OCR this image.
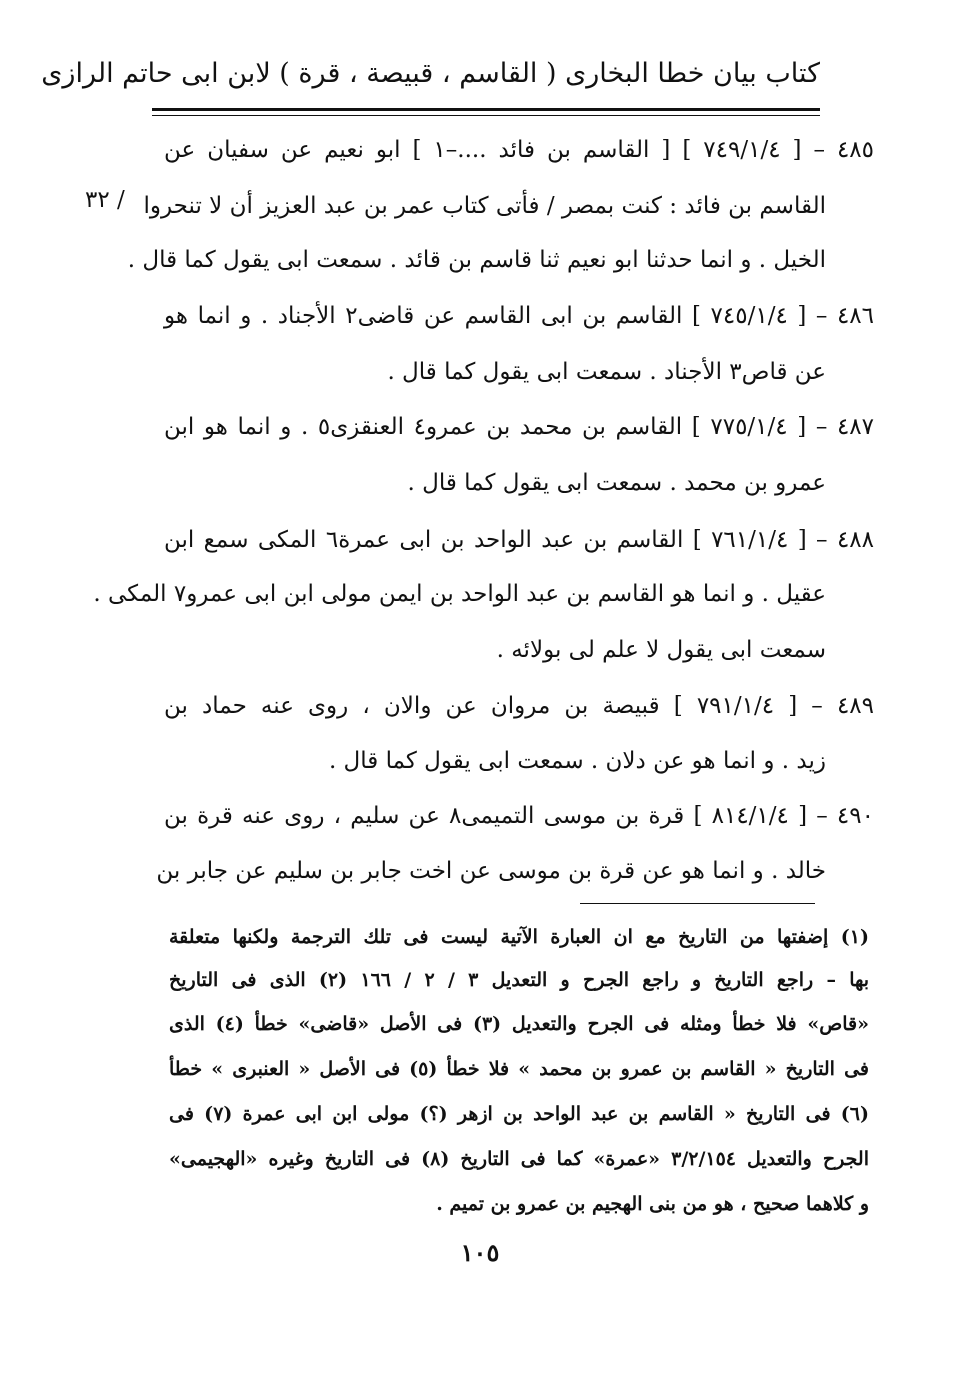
كتاب بيان خطا البخارى ( القاسم ، قبيصة ، قرة ) لابن ابى حاتم الرازى
/ ٣٢
٤٨٥ – [ ٧٤٩/١/٤ ] [ القاسم بن فائد ....–١ ] ابو نعيم عن سفيان عن
القاسم بن فائد : كنت بمصر / فأتى كتاب عمر بن عبد العزيز أن لا تنحروا
الخيل . و انما حدثنا ابو نعيم ثنا قاسم بن قائد . سمعت ابى يقول كما قال .
٤٨٦ – [ ٧٤٥/١/٤ ] القاسم بن ابى القاسم عن قاضى٢ الأجناد . و انما هو
عن قاص٣ الأجناد . سمعت ابى يقول كما قال .
٤٨٧ – [ ٧٧٥/١/٤ ] القاسم بن محمد بن عمرو٤ العنقزى٥ . و انما هو ابن
عمرو بن محمد . سمعت ابى يقول كما قال .
٤٨٨ – [ ٧٦١/١/٤ ] القاسم بن عبد الواحد بن ابى عمرة٦ المكى سمع ابن
عقيل . و انما هو القاسم بن عبد الواحد بن ايمن مولى ابن ابى عمرو٧ المكى .
سمعت ابى يقول لا علم لى بولائه .
٤٨٩ – [ ٧٩١/١/٤ ] قبيصة بن مروان عن والان ، روى عنه حماد بن
زيد . و انما هو عن دلان . سمعت ابى يقول كما قال .
٤٩٠ – [ ٨١٤/١/٤ ] قرة بن موسى التميمى٨ عن سليم ، روى عنه قرة بن
خالد . و انما هو عن قرة بن موسى عن اخت جابر بن سليم عن جابر بن
(١) إضفتها من التاريخ مع ان العبارة الآتية ليست فى تلك الترجمة ولكنها متعلقة
بها – راجع التاريخ و راجع الجرح و التعديل ٣ / ٢ / ١٦٦ (٢) الذى فى التاريخ
«قاص» فلا خطأ ومثله فى الجرح والتعديل (٣) فى الأصل «قاضى» خطأ (٤) الذى
فى التاريخ « القاسم بن عمرو بن محمد » فلا خطأ (٥) فى الأصل « العنبرى » خطأ
(٦) فى التاريخ « القاسم بن عبد الواحد بن ازهر (؟) مولى ابن ابى عمرة (٧) فى
الجرح والتعديل ٣/٢/١٥٤ «عمرة» كما فى التاريخ (٨) فى التاريخ وغيره «الهجيمى»
و كلاهما صحيح ، هو من بنى الهجيم بن عمرو بن تميم .
١٠٥
